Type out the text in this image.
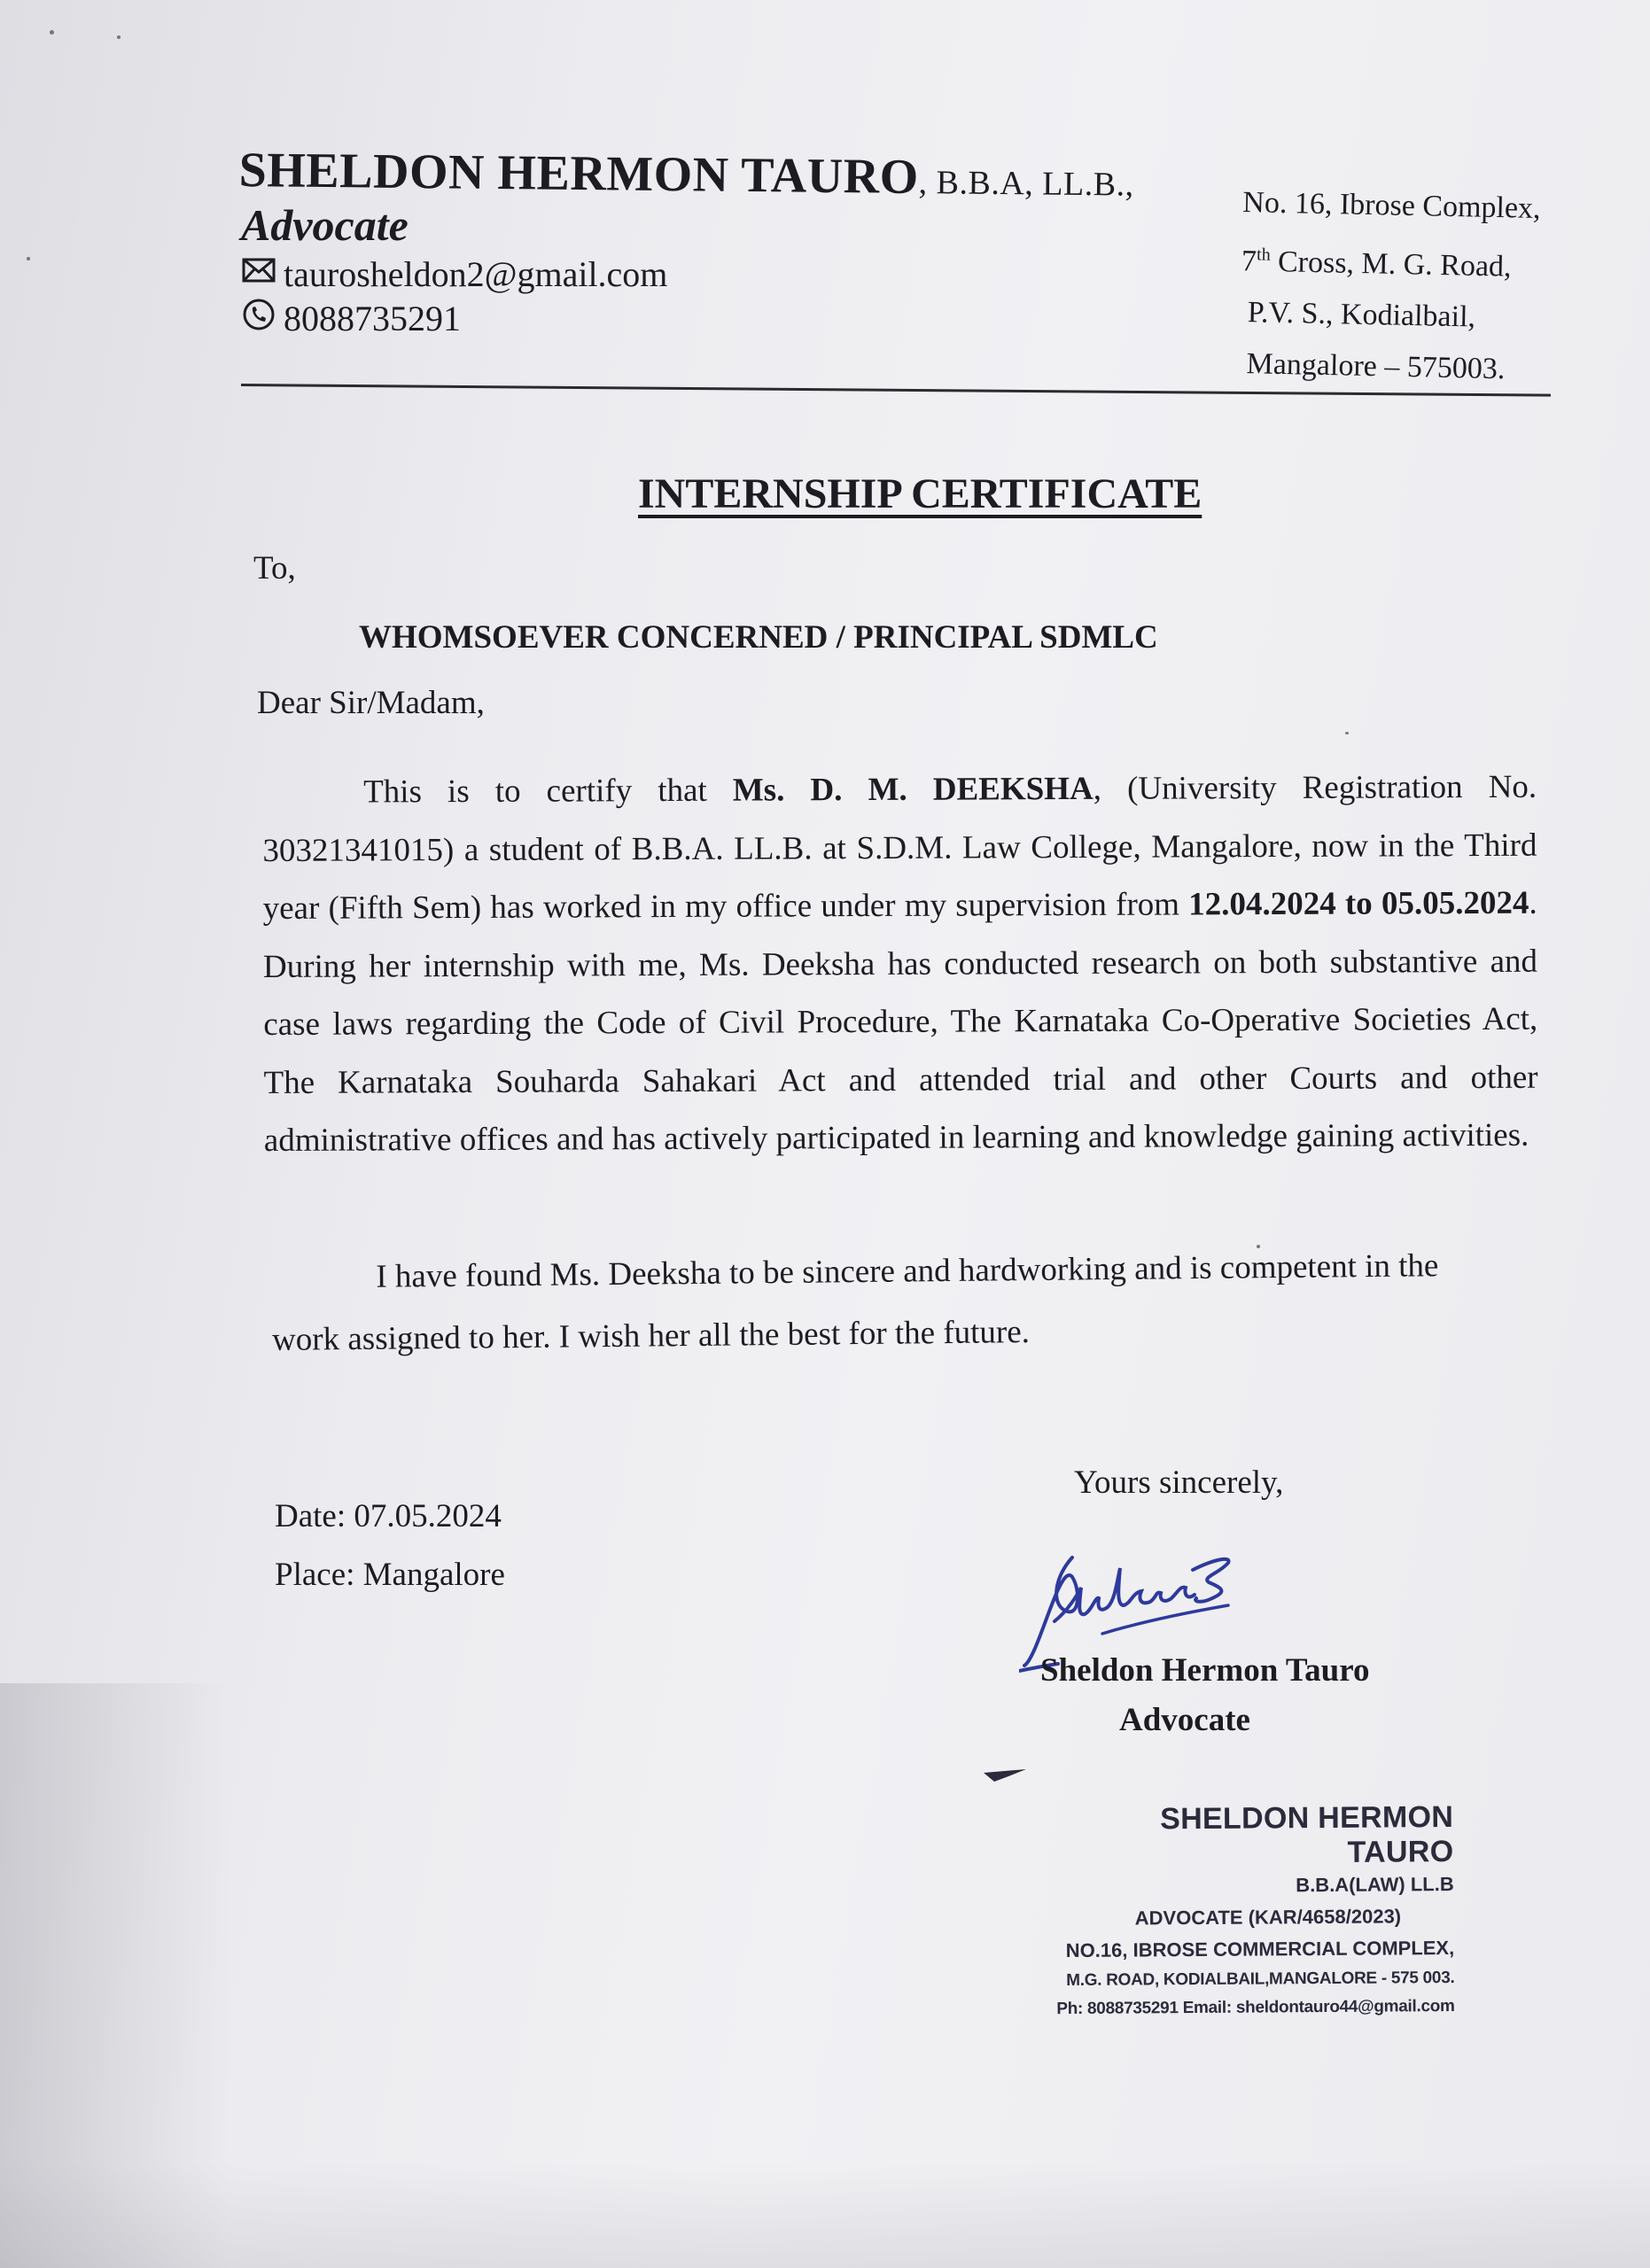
SHELDON HERMON TAURO, B.B.A, LL.B.,
Advocate
taurosheldon2@gmail.com
8088735291
No. 16, Ibrose Complex,
7th Cross, M. G. Road,
P.V. S., Kodialbail,
Mangalore – 575003.
INTERNSHIP CERTIFICATE
To,
WHOMSOEVER CONCERNED / PRINCIPAL SDMLC
Dear Sir/Madam,
This is to certify that Ms. D. M. DEEKSHA, (University Registration No. 30321341015) a student of B.B.A. LL.B. at S.D.M. Law College, Mangalore, now in the Third year (Fifth Sem) has worked in my office under my supervision from 12.04.2024 to 05.05.2024. During her internship with me, Ms. Deeksha has conducted research on both substantive and case laws regarding the Code of Civil Procedure, The Karnataka Co-Operative Societies Act, The Karnataka Souharda Sahakari Act and attended trial and other Courts and other administrative offices and has actively participated in learning and knowledge gaining activities.
I have found Ms. Deeksha to be sincere and hardworking and is competent in the work assigned to her. I wish her all the best for the future.
Date: 07.05.2024
Place: Mangalore
Yours sincerely,
Sheldon Hermon Tauro
Advocate
SHELDON HERMON TAURO
B.B.A(LAW) LL.B
ADVOCATE (KAR/4658/2023)
NO.16, IBROSE COMMERCIAL COMPLEX,
M.G. ROAD, KODIALBAIL,MANGALORE - 575 003.
Ph: 8088735291 Email: sheldontauro44@gmail.com
